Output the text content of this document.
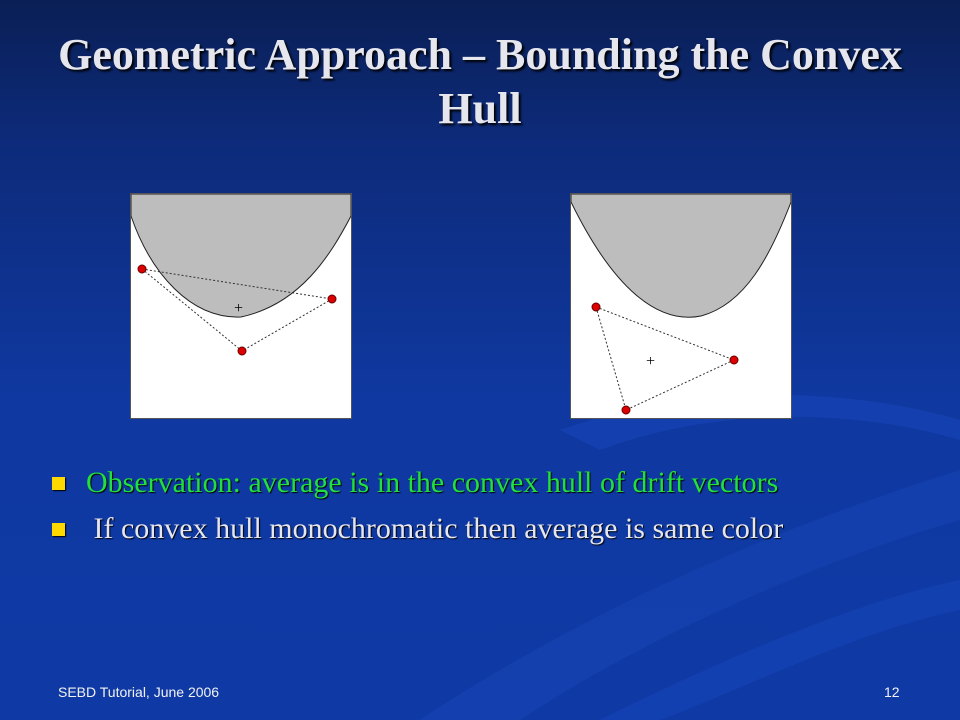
Geometric Approach – Bounding the Convex Hull
+
+
Observation: average is in the convex hull of drift vectors
If convex hull monochromatic then average is same color
SEBD Tutorial, June 2006	12
